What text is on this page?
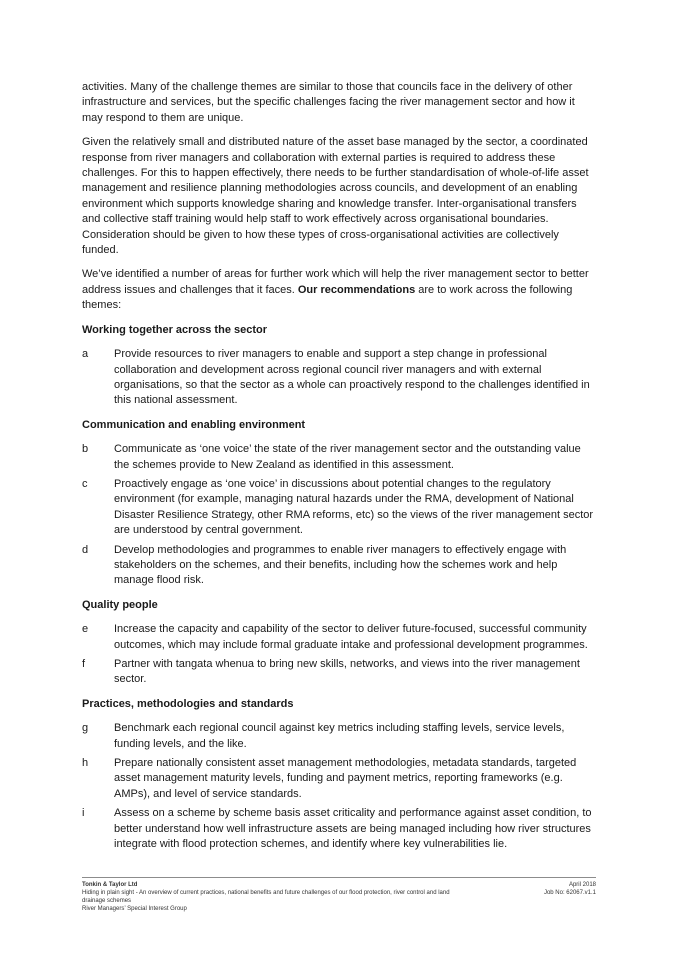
activities. Many of the challenge themes are similar to those that councils face in the delivery of other infrastructure and services, but the specific challenges facing the river management sector and how it may respond to them are unique.

Given the relatively small and distributed nature of the asset base managed by the sector, a coordinated response from river managers and collaboration with external parties is required to address these challenges. For this to happen effectively, there needs to be further standardisation of whole-of-life asset management and resilience planning methodologies across councils, and development of an enabling environment which supports knowledge sharing and knowledge transfer. Inter-organisational transfers and collective staff training would help staff to work effectively across organisational boundaries. Consideration should be given to how these types of cross-organisational activities are collectively funded.

We’ve identified a number of areas for further work which will help the river management sector to better address issues and challenges that it faces. Our recommendations are to work across the following themes:

Working together across the sector
a	Provide resources to river managers to enable and support a step change in professional collaboration and development across regional council river managers and with external organisations, so that the sector as a whole can proactively respond to the challenges identified in this national assessment.
Communication and enabling environment
b	Communicate as ‘one voice’ the state of the river management sector and the outstanding value the schemes provide to New Zealand as identified in this assessment.
c	Proactively engage as ‘one voice’ in discussions about potential changes to the regulatory environment (for example, managing natural hazards under the RMA, development of National Disaster Resilience Strategy, other RMA reforms, etc) so the views of the river management sector are understood by central government.
d	Develop methodologies and programmes to enable river managers to effectively engage with stakeholders on the schemes, and their benefits, including how the schemes work and help manage flood risk.
Quality people
e	Increase the capacity and capability of the sector to deliver future-focused, successful community outcomes, which may include formal graduate intake and professional development programmes.
f	Partner with tangata whenua to bring new skills, networks, and views into the river management sector.
Practices, methodologies and standards
g	Benchmark each regional council against key metrics including staffing levels, service levels, funding levels, and the like.
h	Prepare nationally consistent asset management methodologies, metadata standards, targeted asset management maturity levels, funding and payment metrics, reporting frameworks (e.g. AMPs), and level of service standards.
i	Assess on a scheme by scheme basis asset criticality and performance against asset condition, to better understand how well infrastructure assets are being managed including how river structures integrate with flood protection schemes, and identify where key vulnerabilities lie.
Tonkin & Taylor Ltd
Hiding in plain sight - An overview of current practices, national benefits and future challenges of our flood protection, river control and land drainage schemes
River Managers’ Special Interest Group
April 2018
Job No: 62067.v1.1
